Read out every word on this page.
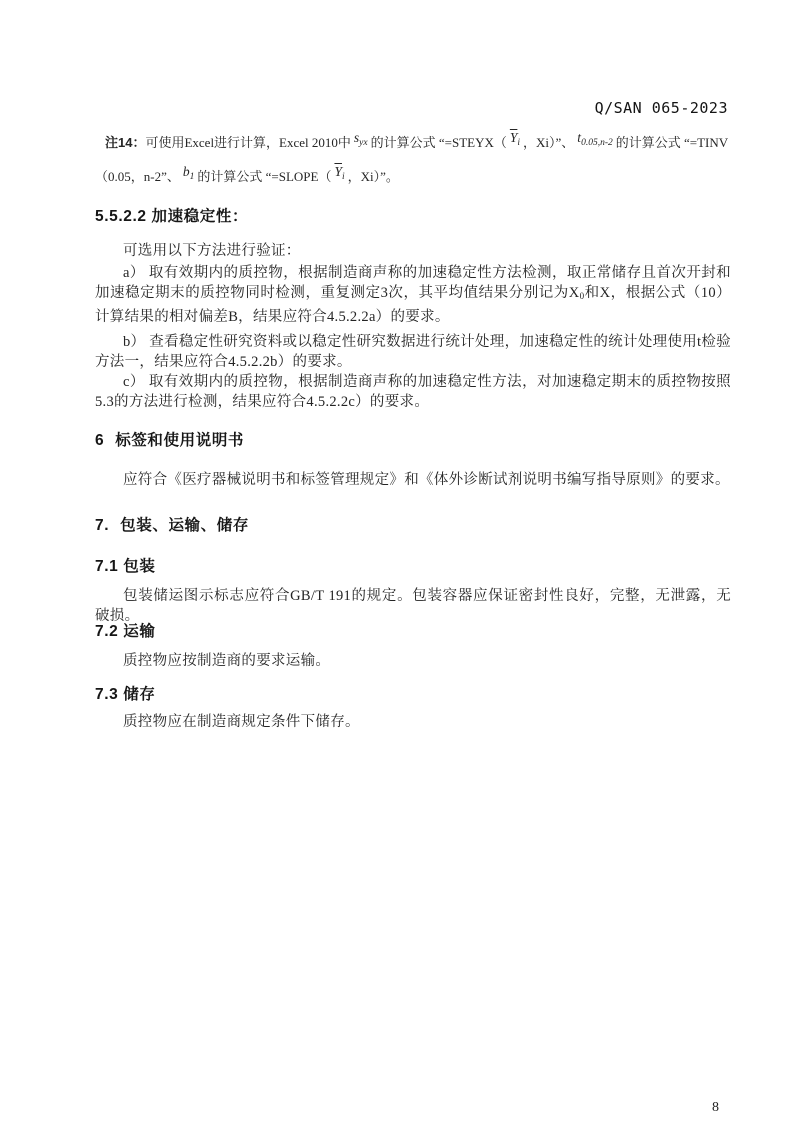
Q/SAN 065-2023
注14：可使用Excel进行计算，Excel 2010中 $s_{yx}$ 的计算公式 “=STEYX（ $\overline{Y}_i$ ，Xi）”、 $t_{0.05,n-2}$ 的计算公式 “=TINV
（0.05，n-2”、 $b_1$ 的计算公式 “=SLOPE（ $\overline{Y}_i$ ，Xi）”。
5.5.2.2 加速稳定性：

可选用以下方法进行验证：

a） 取有效期内的质控物，根据制造商声称的加速稳定性方法检测，取正常储存且首次开封和加速稳定期末的质控物同时检测，重复测定3次，其平均值结果分别记为$X_0$和X，根据公式（10）计算结果的相对偏差B，结果应符合4.5.2.2a）的要求。

b） 查看稳定性研究资料或以稳定性研究数据进行统计处理，加速稳定性的统计处理使用t检验方法一，结果应符合4.5.2.2b）的要求。

c） 取有效期内的质控物，根据制造商声称的加速稳定性方法，对加速稳定期末的质控物按照5.3的方法进行检测，结果应符合4.5.2.2c）的要求。

6 标签和使用说明书

应符合《医疗器械说明书和标签管理规定》和《体外诊断试剂说明书编写指导原则》的要求。

7. 包装、运输、储存
7.1 包装

包装储运图示标志应符合GB/T 191的规定。包装容器应保证密封性良好，完整，无泄露，无破损。

7.2 运输

质控物应按制造商的要求运输。

7.3 储存

质控物应在制造商规定条件下储存。

8
